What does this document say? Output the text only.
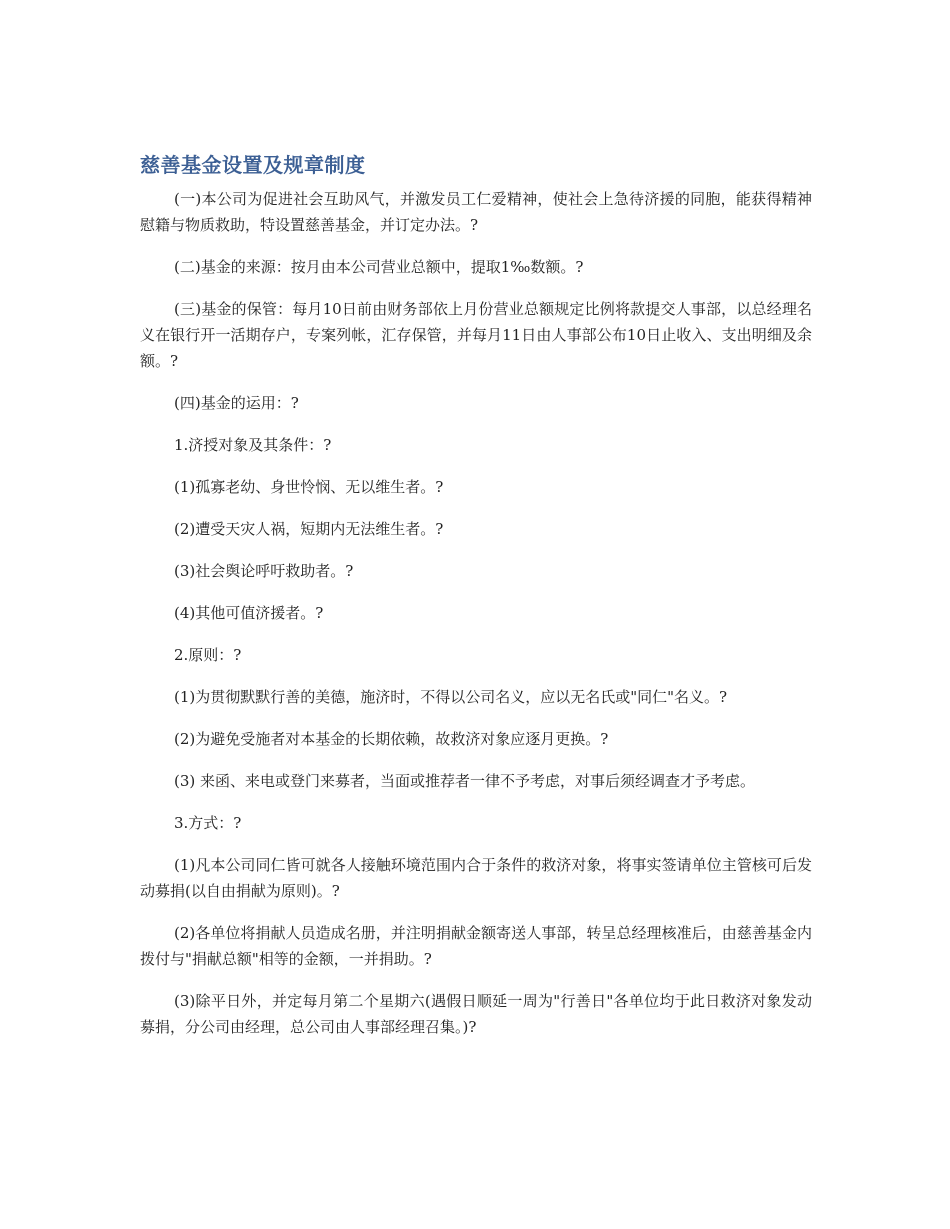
慈善基金设置及规章制度

(一)本公司为促进社会互助风气，并激发员工仁爱精神，使社会上急待济援的同胞，能获得精神慰籍与物质救助，特设置慈善基金，并订定办法。?

(二)基金的来源：按月由本公司营业总额中，提取1‰数额。?

(三)基金的保管：每月10日前由财务部依上月份营业总额规定比例将款提交人事部，以总经理名义在银行开一活期存户，专案列帐，汇存保管，并每月11日由人事部公布10日止收入、支出明细及余额。?

(四)基金的运用：?

1.济授对象及其条件：?

(1)孤寡老幼、身世怜悯、无以维生者。?

(2)遭受天灾人祸，短期内无法维生者。?

(3)社会舆论呼吁救助者。?

(4)其他可值济援者。?

2.原则：?

(1)为贯彻默默行善的美德，施济时，不得以公司名义，应以无名氏或"同仁"名义。?

(2)为避免受施者对本基金的长期依赖，故救济对象应逐月更换。?

(3) 来函、来电或登门来募者，当面或推荐者一律不予考虑，对事后须经调查才予考虑。

3.方式：?

(1)凡本公司同仁皆可就各人接触环境范围内合于条件的救济对象，将事实签请单位主管核可后发动募捐(以自由捐献为原则)。?

(2)各单位将捐献人员造成名册，并注明捐献金额寄送人事部，转呈总经理核准后，由慈善基金内拨付与"捐献总额"相等的金额，一并捐助。?

(3)除平日外，并定每月第二个星期六(遇假日顺延一周为"行善日"各单位均于此日救济对象发动募捐，分公司由经理，总公司由人事部经理召集。)?
